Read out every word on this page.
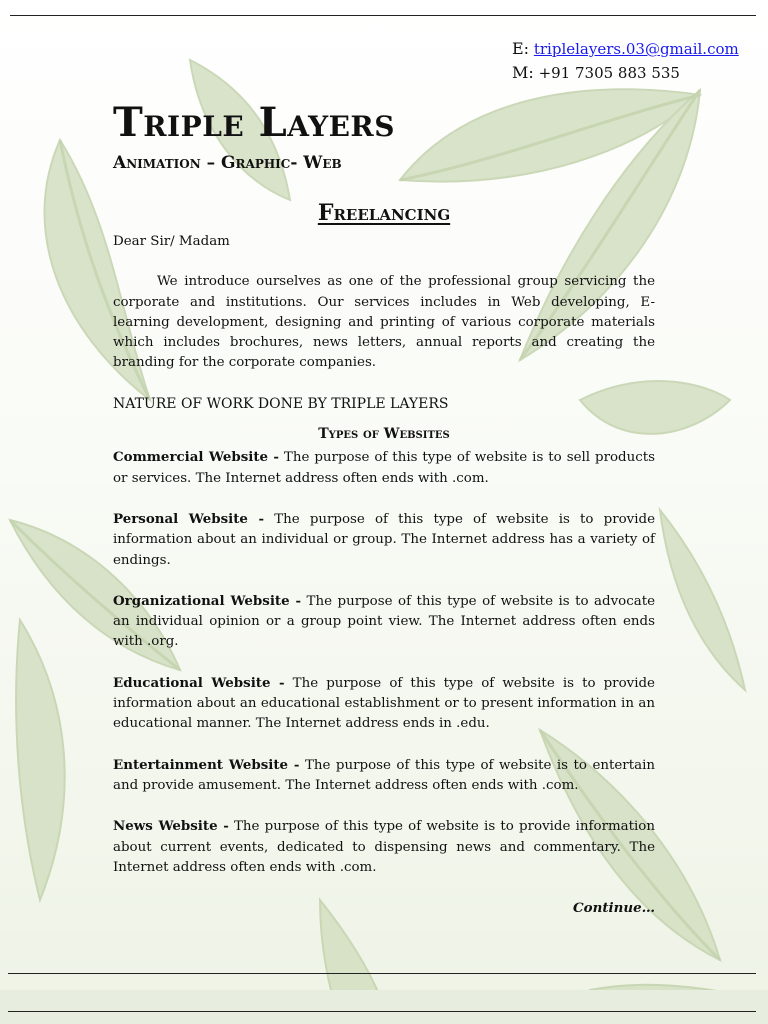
E: triplelayers.03@gmail.com
M: +91 7305 883 535
Triple Layers
Animation – Graphic- Web
Freelancing

Dear Sir/ Madam

We introduce ourselves as one of the professional group servicing the corporate and institutions. Our services includes in Web developing, E- learning development, designing and printing of various corporate materials which includes brochures, news letters, annual reports and creating the branding for the corporate companies.

NATURE OF WORK DONE BY TRIPLE LAYERS

Types of Websites

Commercial Website - The purpose of this type of website is to sell products or services. The Internet address often ends with .com.

Personal Website - The purpose of this type of website is to provide information about an individual or group. The Internet address has a variety of endings.

Organizational Website - The purpose of this type of website is to advocate an individual opinion or a group point view. The Internet address often ends with .org.

Educational Website - The purpose of this type of website is to provide information about an educational establishment or to present information in an educational manner. The Internet address ends in .edu.

Entertainment Website - The purpose of this type of website is to entertain and provide amusement. The Internet address often ends with .com.

News Website - The purpose of this type of website is to provide information about current events, dedicated to dispensing news and commentary. The Internet address often ends with .com.

Continue…
